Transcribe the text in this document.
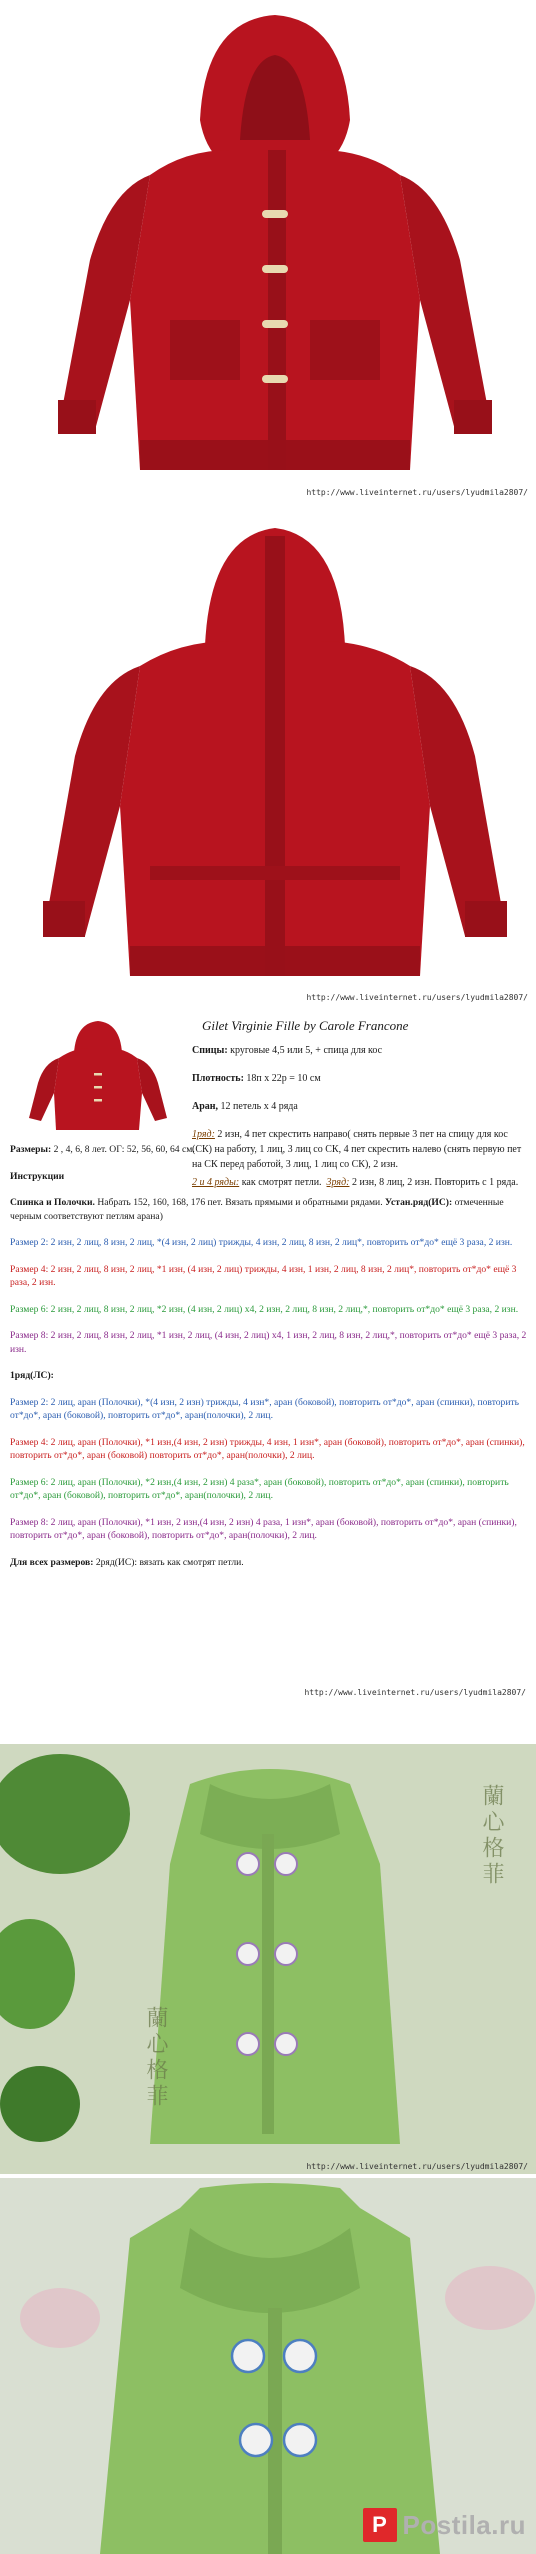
http://www.liveinternet.ru/users/lyudmila2807/
http://www.liveinternet.ru/users/lyudmila2807/
Gilet Virginie Fille by Carole Francone
Спицы: круговые 4,5 или 5, + спица для кос
Плотность: 18п х 22р = 10 см
Аран, 12 петель х 4 ряда
1ряд: 2 изн, 4 пет скрестить направо( снять первые 3 пет на спицу для кос (СК) на работу, 1 лиц, 3 лиц со СК, 4 пет скрестить налево (снять первую пет на СК перед работой, 3 лиц, 1 лиц со СК), 2 изн.
2 и 4 ряды: как смотрят петли. 3ряд: 2 изн, 8 лиц, 2 изн. Повторить с 1 ряда.

Размеры: 2 , 4, 6, 8 лет. ОГ: 52, 56, 60, 64 см.

Инструкции

Спинка и Полочки. Набрать 152, 160, 168, 176 пет. Вязать прямыми и обратными рядами. Устан.ряд(ИС): отмеченные черным соответствуют петлям арана)

Размер 2: 2 изн, 2 лиц, 8 изн, 2 лиц, *(4 изн, 2 лиц) трижды, 4 изн, 2 лиц, 8 изн, 2 лиц*, повторить от*до* ещё 3 раза, 2 изн.

Размер 4: 2 изн, 2 лиц, 8 изн, 2 лиц, *1 изн, (4 изн, 2 лиц) трижды, 4 изн, 1 изн, 2 лиц, 8 изн, 2 лиц*, повторить от*до* ещё 3 раза, 2 изн.

Размер 6: 2 изн, 2 лиц, 8 изн, 2 лиц, *2 изн, (4 изн, 2 лиц) х4, 2 изн, 2 лиц, 8 изн, 2 лиц,*, повторить от*до* ещё 3 раза, 2 изн.

Размер 8: 2 изн, 2 лиц, 8 изн, 2 лиц, *1 изн, 2 лиц, (4 изн, 2 лиц) х4, 1 изн, 2 лиц, 8 изн, 2 лиц,*, повторить от*до* ещё 3 раза, 2 изн.

1ряд(ЛС):

Размер 2: 2 лиц, аран (Полочки), *(4 изн, 2 изн) трижды, 4 изн*, аран (боковой), повторить от*до*, аран (спинки), повторить от*до*, аран (боковой), повторить от*до*, аран(полочки), 2 лиц.

Размер 4: 2 лиц, аран (Полочки), *1 изн,(4 изн, 2 изн) трижды, 4 изн, 1 изн*, аран (боковой), повторить от*до*, аран (спинки), повторить от*до*, аран (боковой) повторить от*до*, аран(полочки), 2 лиц.

Размер 6: 2 лиц, аран (Полочки), *2 изн,(4 изн, 2 изн) 4 раза*, аран (боковой), повторить от*до*, аран (спинки), повторить от*до*, аран (боковой), повторить от*до*, аран(полочки), 2 лиц.

Размер 8: 2 лиц, аран (Полочки), *1 изн, 2 изн,(4 изн, 2 изн) 4 раза, 1 изн*, аран (боковой), повторить от*до*, аран (спинки), повторить от*до*, аран (боковой), повторить от*до*, аран(полочки), 2 лиц.

Для всех размеров: 2ряд(ИС): вязать как смотрят петли.

http://www.liveinternet.ru/users/lyudmila2807/
蘭心格菲
蘭心格菲
http://www.liveinternet.ru/users/lyudmila2807/
P Postila.ru
